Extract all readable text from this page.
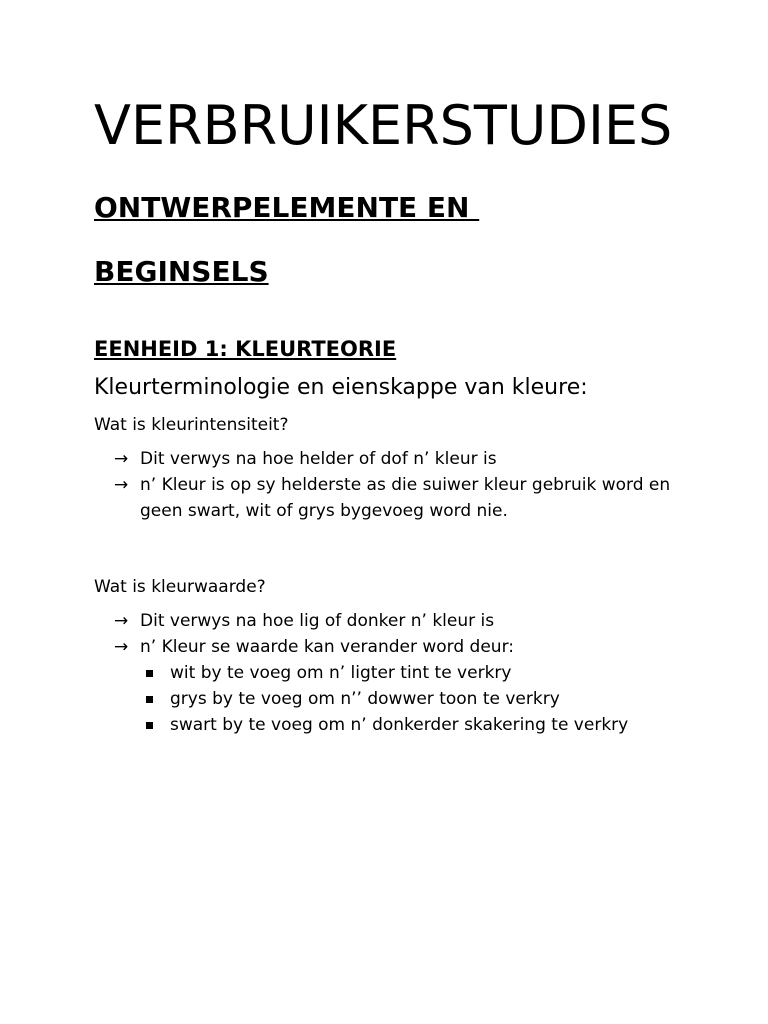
VERBRUIKERSTUDIES

ONTWERPELEMENTE EN

BEGINSELS

EENHEID 1: KLEURTEORIE
Kleurterminologie en eienskappe van kleure:
Wat is kleurintensiteit?
→ Dit verwys na hoe helder of dof n’ kleur is
→ n’ Kleur is op sy helderste as die suiwer kleur gebruik word en geen swart, wit of grys bygevoeg word nie.
Wat is kleurwaarde?
→ Dit verwys na hoe lig of donker n’ kleur is
→ n’ Kleur se waarde kan verander word deur:
wit by te voeg om n’ ligter tint te verkry
grys by te voeg om n’’ dowwer toon te verkry
swart by te voeg om n’ donkerder skakering te verkry
